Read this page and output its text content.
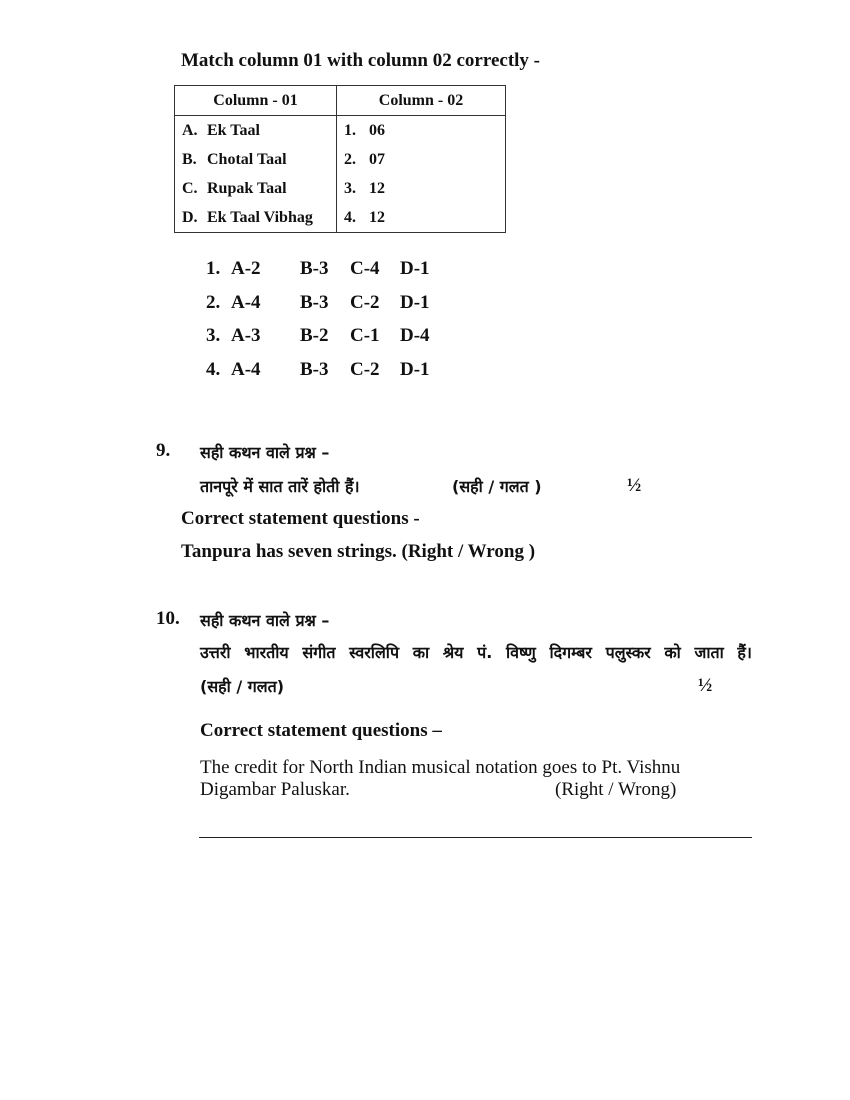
Match column 01 with column 02 correctly -
Column - 01	Column - 02
A. Ek Taal	1. 06
B. Chotal Taal	2. 07
C. Rupak Taal	3. 12
D. Ek Taal Vibhag	4. 12
1. A-2 B-3 C-4 D-1
2. A-4 B-3 C-2 D-1
3. A-3 B-2 C-1 D-4
4. A-4 B-3 C-2 D-1
9. सही कथन वाले प्रश्न –
तानपूरे में सात तारें होती हैं।	(सही / गलत )	½
Correct statement questions -
Tanpura has seven strings. (Right / Wrong )
10. सही कथन वाले प्रश्न –
उत्तरी भारतीय संगीत स्वरलिपि का श्रेय पं. विष्णु दिगम्बर पलुस्कर को जाता हैं।
(सही / गलत)	½
Correct statement questions –
The credit for North Indian musical notation goes to Pt. Vishnu
Digambar Paluskar.	(Right / Wrong)
